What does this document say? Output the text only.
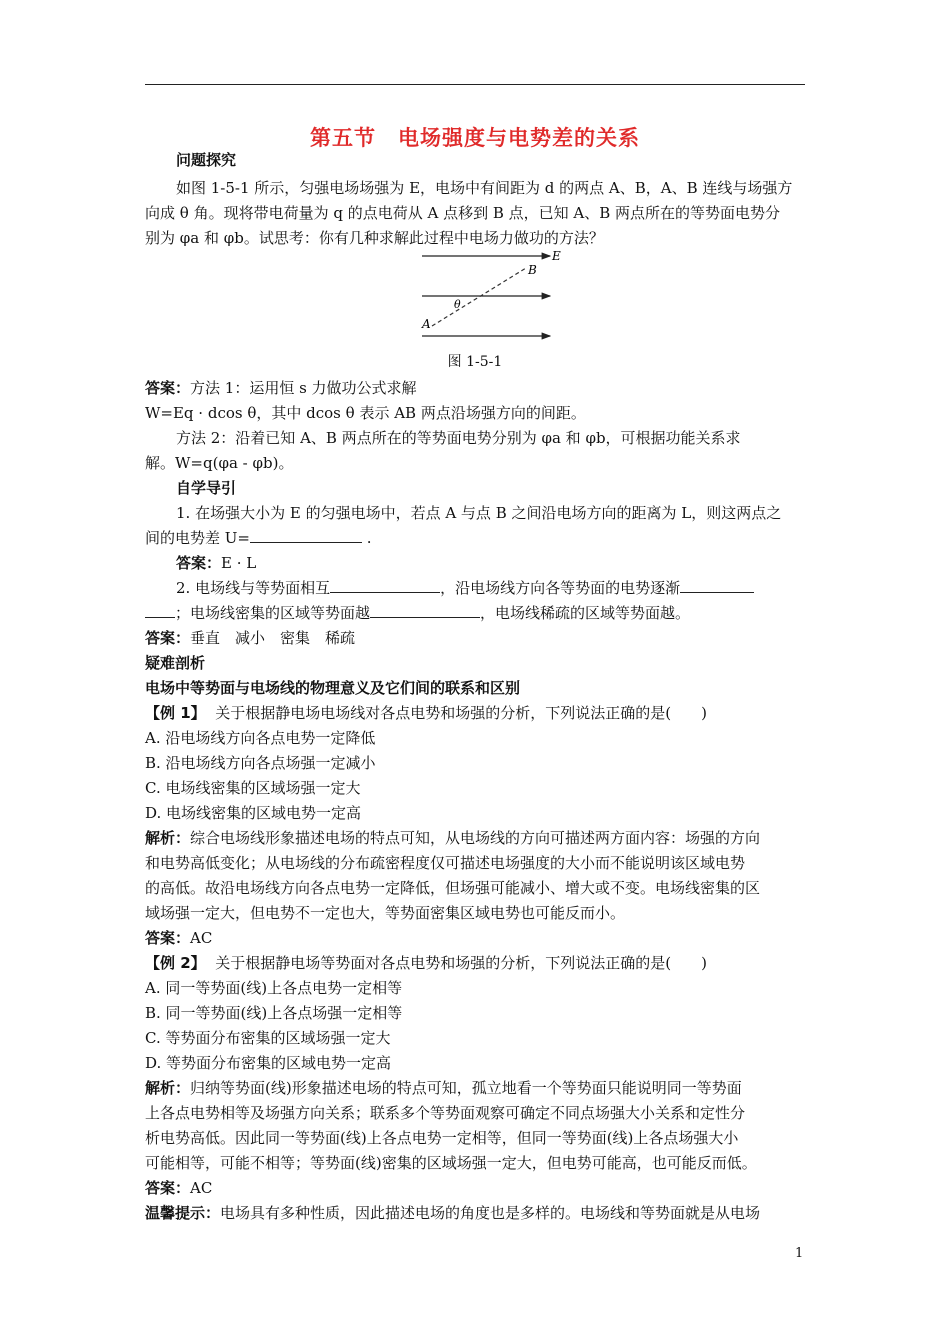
第五节　电场强度与电势差的关系
问题探究
如图 1-5-1 所示，匀强电场场强为 E，电场中有间距为 d 的两点 A、B，A、B 连线与场强方
向成 θ 角。现将带电荷量为 q 的点电荷从 A 点移到 B 点，已知 A、B 两点所在的等势面电势分
别为 φa 和 φb。试思考：你有几种求解此过程中电场力做功的方法？
E
B
A
θ
图 1-5-1
答案：方法 1：运用恒 s 力做功公式求解
W=Eq · dcos θ，其中 dcos θ 表示 AB 两点沿场强方向的间距。
方法 2：沿着已知 A、B 两点所在的等势面电势分别为 φa 和 φb，可根据功能关系求
解。W=q(φa - φb)。
自学导引
1. 在场强大小为 E 的匀强电场中，若点 A 与点 B 之间沿电场方向的距离为 L，则这两点之
间的电势差 U=	.
答案：E · L
2. 电场线与等势面相互	，沿电场线方向各等势面的电势逐渐
；电场线密集的区域等势面越	，电场线稀疏的区域等势面越。
答案：垂直　减小　密集　稀疏
疑难剖析
电场中等势面与电场线的物理意义及它们间的联系和区别
【例 1】 关于根据静电场电场线对各点电势和场强的分析，下列说法正确的是(　　)
A. 沿电场线方向各点电势一定降低
B. 沿电场线方向各点场强一定减小
C. 电场线密集的区域场强一定大
D. 电场线密集的区域电势一定高
解析：综合电场线形象描述电场的特点可知，从电场线的方向可描述两方面内容：场强的方向
和电势高低变化；从电场线的分布疏密程度仅可描述电场强度的大小而不能说明该区域电势
的高低。故沿电场线方向各点电势一定降低，但场强可能减小、增大或不变。电场线密集的区
域场强一定大，但电势不一定也大，等势面密集区域电势也可能反而小。
答案：AC
【例 2】 关于根据静电场等势面对各点电势和场强的分析，下列说法正确的是(　　)
A. 同一等势面(线)上各点电势一定相等
B. 同一等势面(线)上各点场强一定相等
C. 等势面分布密集的区域场强一定大
D. 等势面分布密集的区域电势一定高
解析：归纳等势面(线)形象描述电场的特点可知，孤立地看一个等势面只能说明同一等势面
上各点电势相等及场强方向关系；联系多个等势面观察可确定不同点场强大小关系和定性分
析电势高低。因此同一等势面(线)上各点电势一定相等，但同一等势面(线)上各点场强大小
可能相等，可能不相等；等势面(线)密集的区域场强一定大，但电势可能高，也可能反而低。
答案：AC
温馨提示：电场具有多种性质，因此描述电场的角度也是多样的。电场线和等势面就是从电场
1
